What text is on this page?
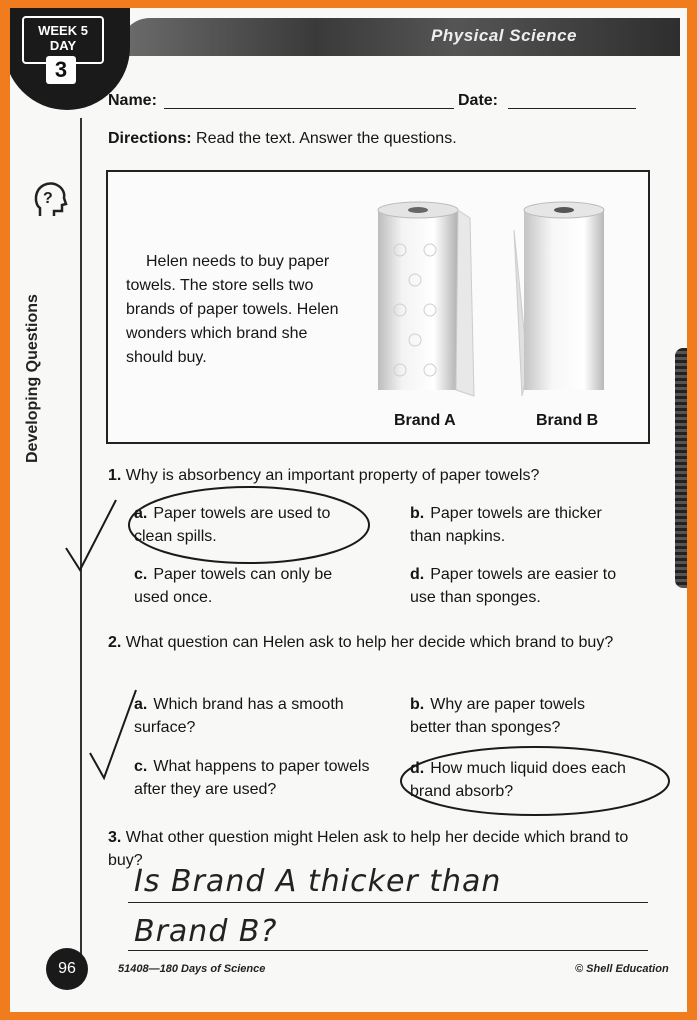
Physical Science
WEEK 5
DAY
3
?
Developing Questions
Name:	Date:
Directions: Read the text. Answer the questions.
Helen needs to buy paper towels. The store sells two brands of paper towels. Helen wonders which brand she should buy.
Brand A	Brand B
1. Why is absorbency an important property of paper towels?
a. Paper towels are used to clean spills.
b. Paper towels are thicker than napkins.
c. Paper towels can only be used once.
d. Paper towels are easier to use than sponges.
2. What question can Helen ask to help her decide which brand to buy?
a. Which brand has a smooth surface?
b. Why are paper towels better than sponges?
c. What happens to paper towels after they are used?
d. How much liquid does each brand absorb?
3. What other question might Helen ask to help her decide which brand to buy?
Is Brand A thicker than
Brand B?
96	51408—180 Days of Science	© Shell Education
